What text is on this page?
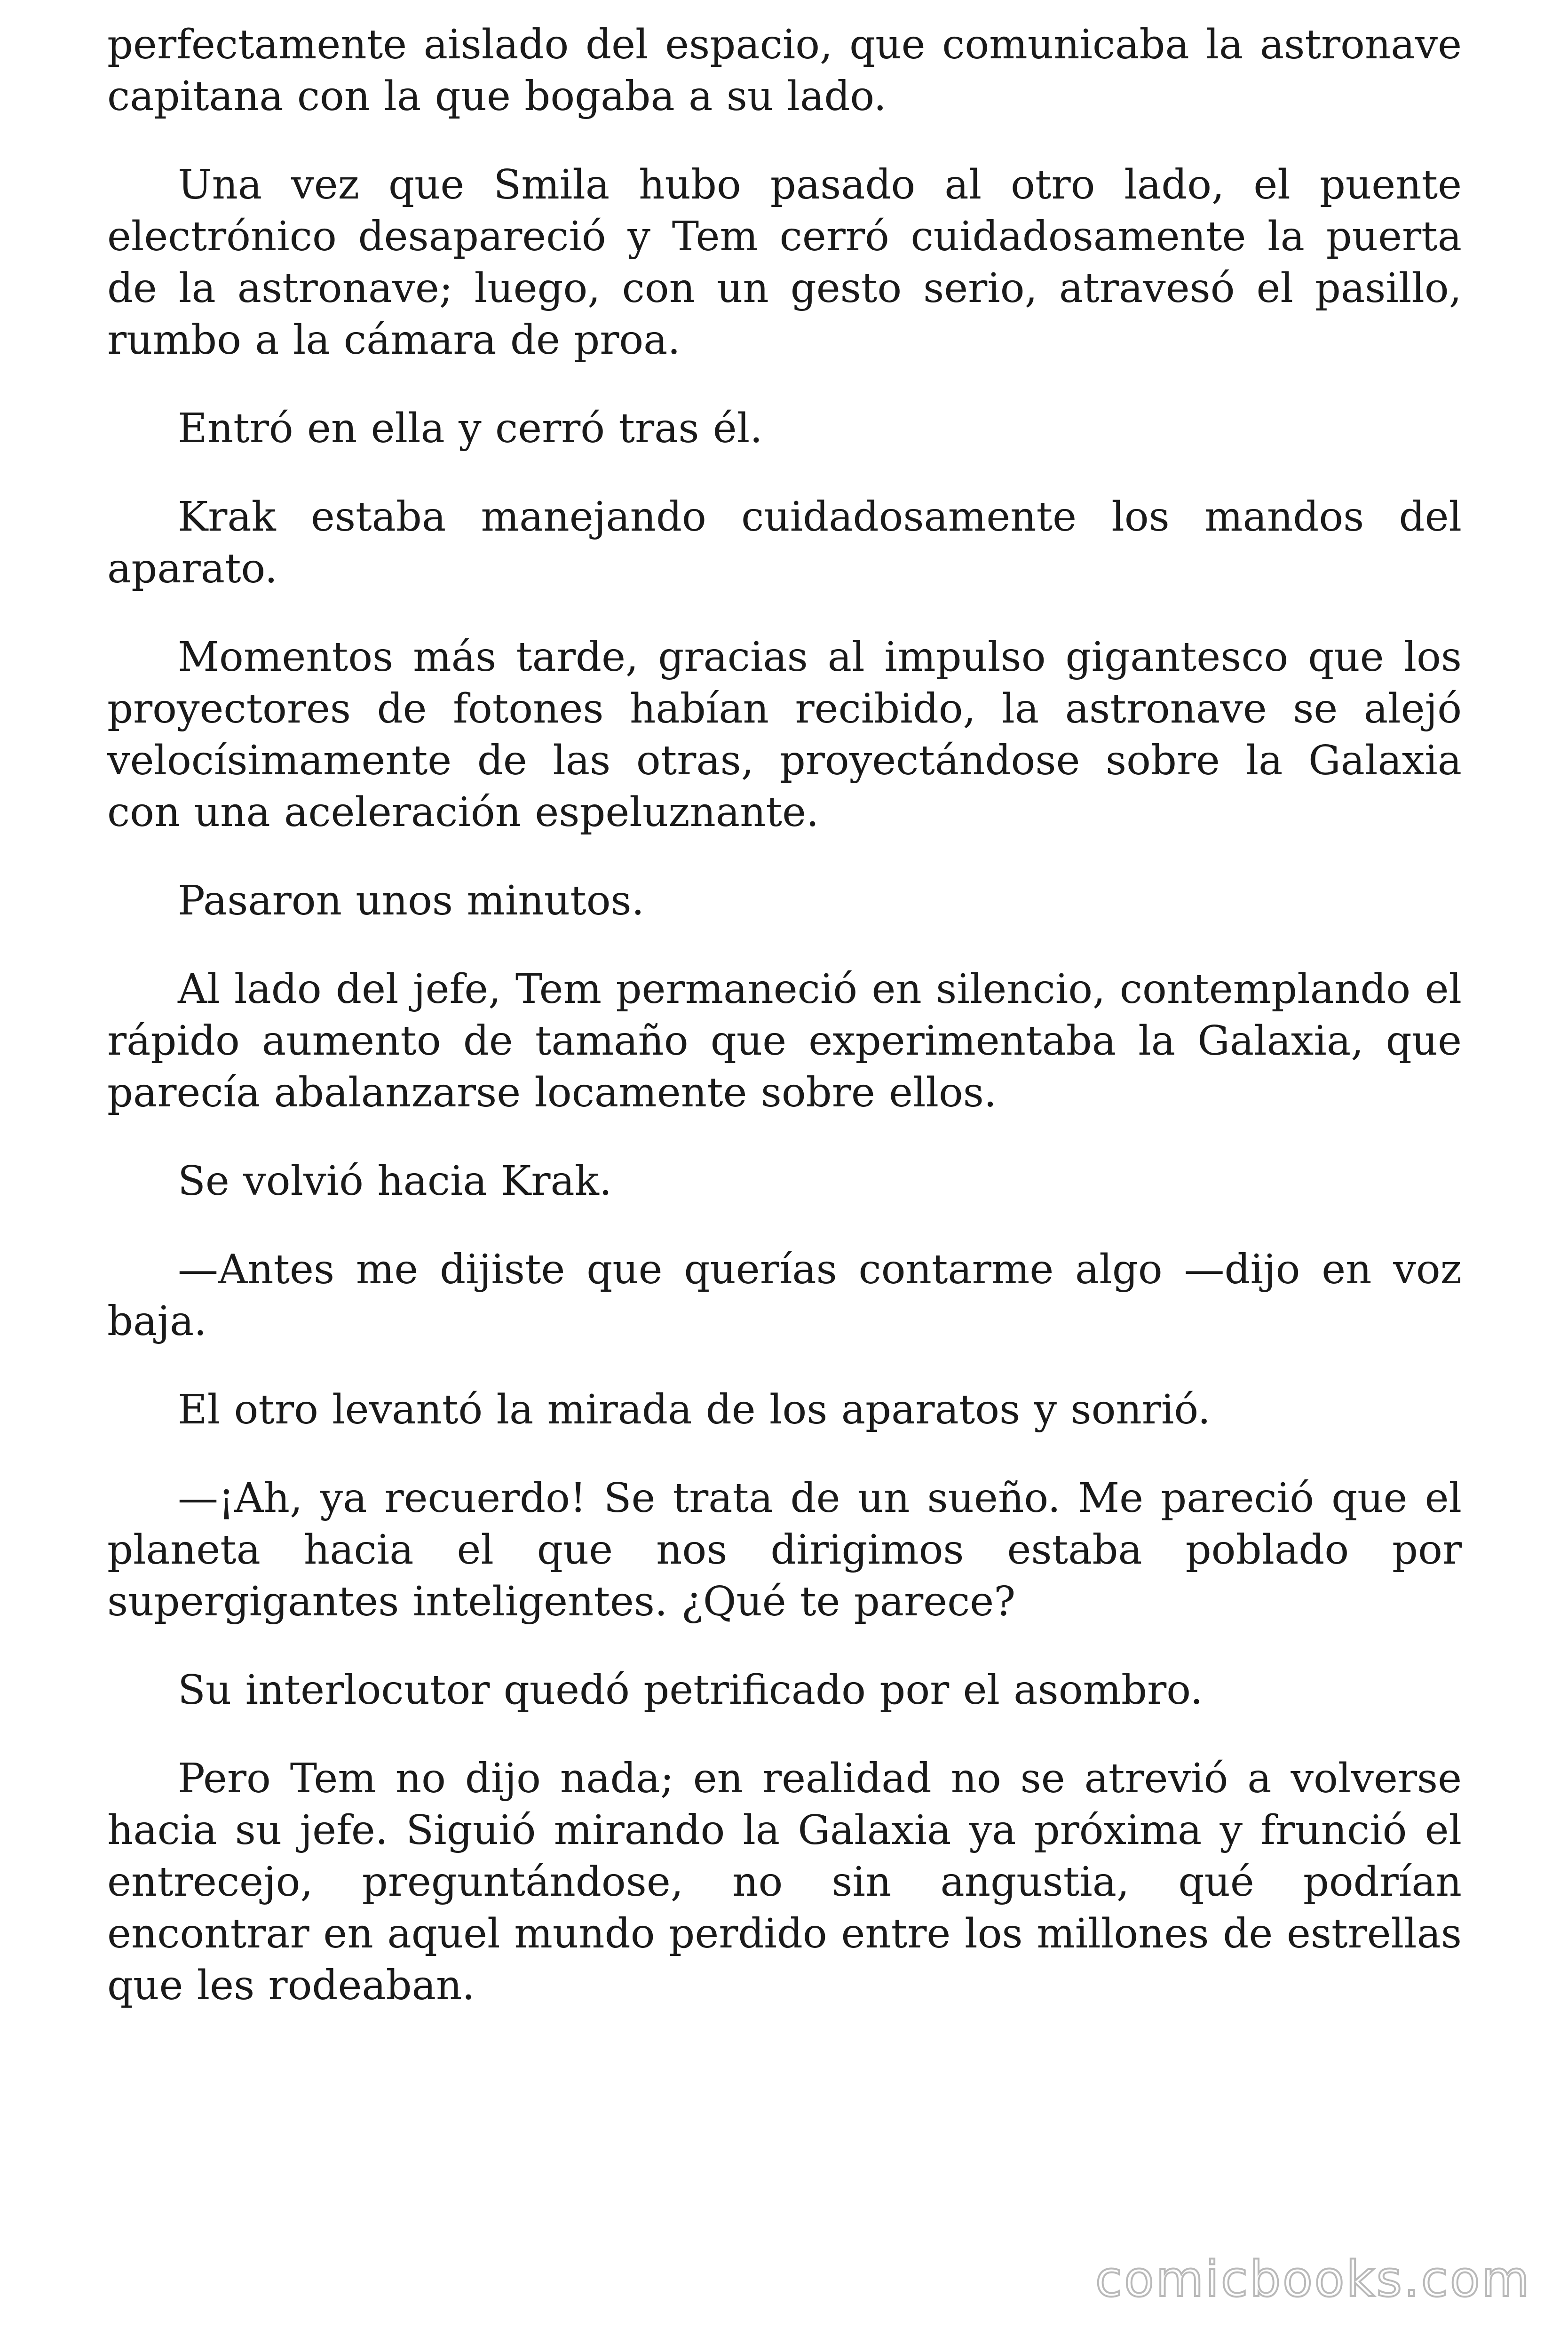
perfectamente aislado del espacio, que comunicaba la astronave capitana con la que bogaba a su lado.

Una vez que Smila hubo pasado al otro lado, el puente electrónico desapareció y Tem cerró cuidadosamente la puerta de la astronave; luego, con un gesto serio, atravesó el pasillo, rumbo a la cámara de proa.

Entró en ella y cerró tras él.

Krak estaba manejando cuidadosamente los mandos del aparato.

Momentos más tarde, gracias al impulso gigantesco que los proyectores de fotones habían recibido, la astronave se alejó velocísimamente de las otras, proyectándose sobre la Galaxia con una aceleración espeluznante.

Pasaron unos minutos.

Al lado del jefe, Tem permaneció en silencio, contemplando el rápido aumento de tamaño que experimentaba la Galaxia, que parecía abalanzarse locamente sobre ellos.

Se volvió hacia Krak.

—Antes me dijiste que querías contarme algo —dijo en voz baja.

El otro levantó la mirada de los aparatos y sonrió.

—¡Ah, ya recuerdo! Se trata de un sueño. Me pareció que el planeta hacia el que nos dirigimos estaba poblado por supergigantes inteligentes. ¿Qué te parece?

Su interlocutor quedó petrificado por el asombro.

Pero Tem no dijo nada; en realidad no se atrevió a volverse hacia su jefe. Siguió mirando la Galaxia ya próxima y frunció el entrecejo, preguntándose, no sin angustia, qué podrían encontrar en aquel mundo perdido entre los millones de estrellas que les rodeaban.

comicbooks.com
